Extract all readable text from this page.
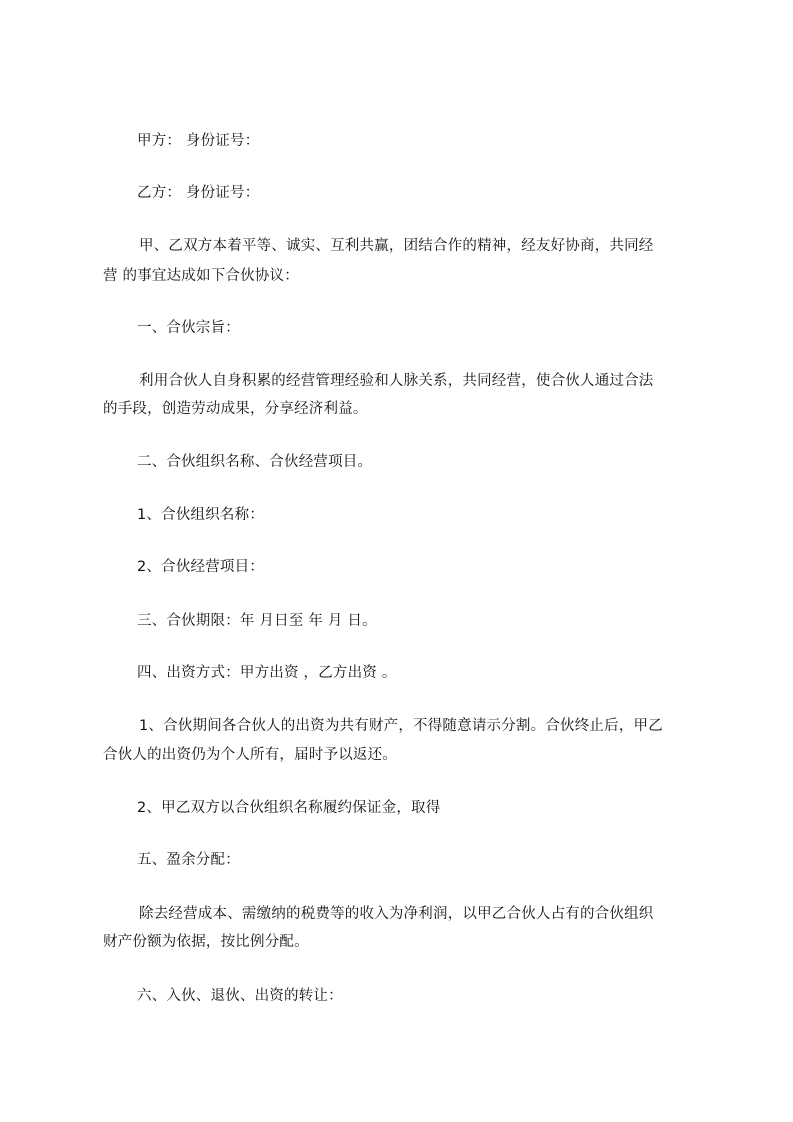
甲方： 身份证号：
乙方： 身份证号：
甲、乙双方本着平等、诚实、互利共赢，团结合作的精神，经友好协商，共同经
营 的事宜达成如下合伙协议：
一、合伙宗旨：
利用合伙人自身积累的经营管理经验和人脉关系，共同经营，使合伙人通过合法
的手段，创造劳动成果，分享经济利益。
二、合伙组织名称、合伙经营项目。
1、合伙组织名称：
2、合伙经营项目：
三、合伙期限：年 月日至 年 月 日。
四、出资方式：甲方出资 ，乙方出资 。
1、合伙期间各合伙人的出资为共有财产，不得随意请示分割。合伙终止后，甲乙
合伙人的出资仍为个人所有，届时予以返还。
2、甲乙双方以合伙组织名称履约保证金，取得
五、盈余分配：
除去经营成本、需缴纳的税费等的收入为净利润，以甲乙合伙人占有的合伙组织
财产份额为依据，按比例分配。
六、入伙、退伙、出资的转让：
